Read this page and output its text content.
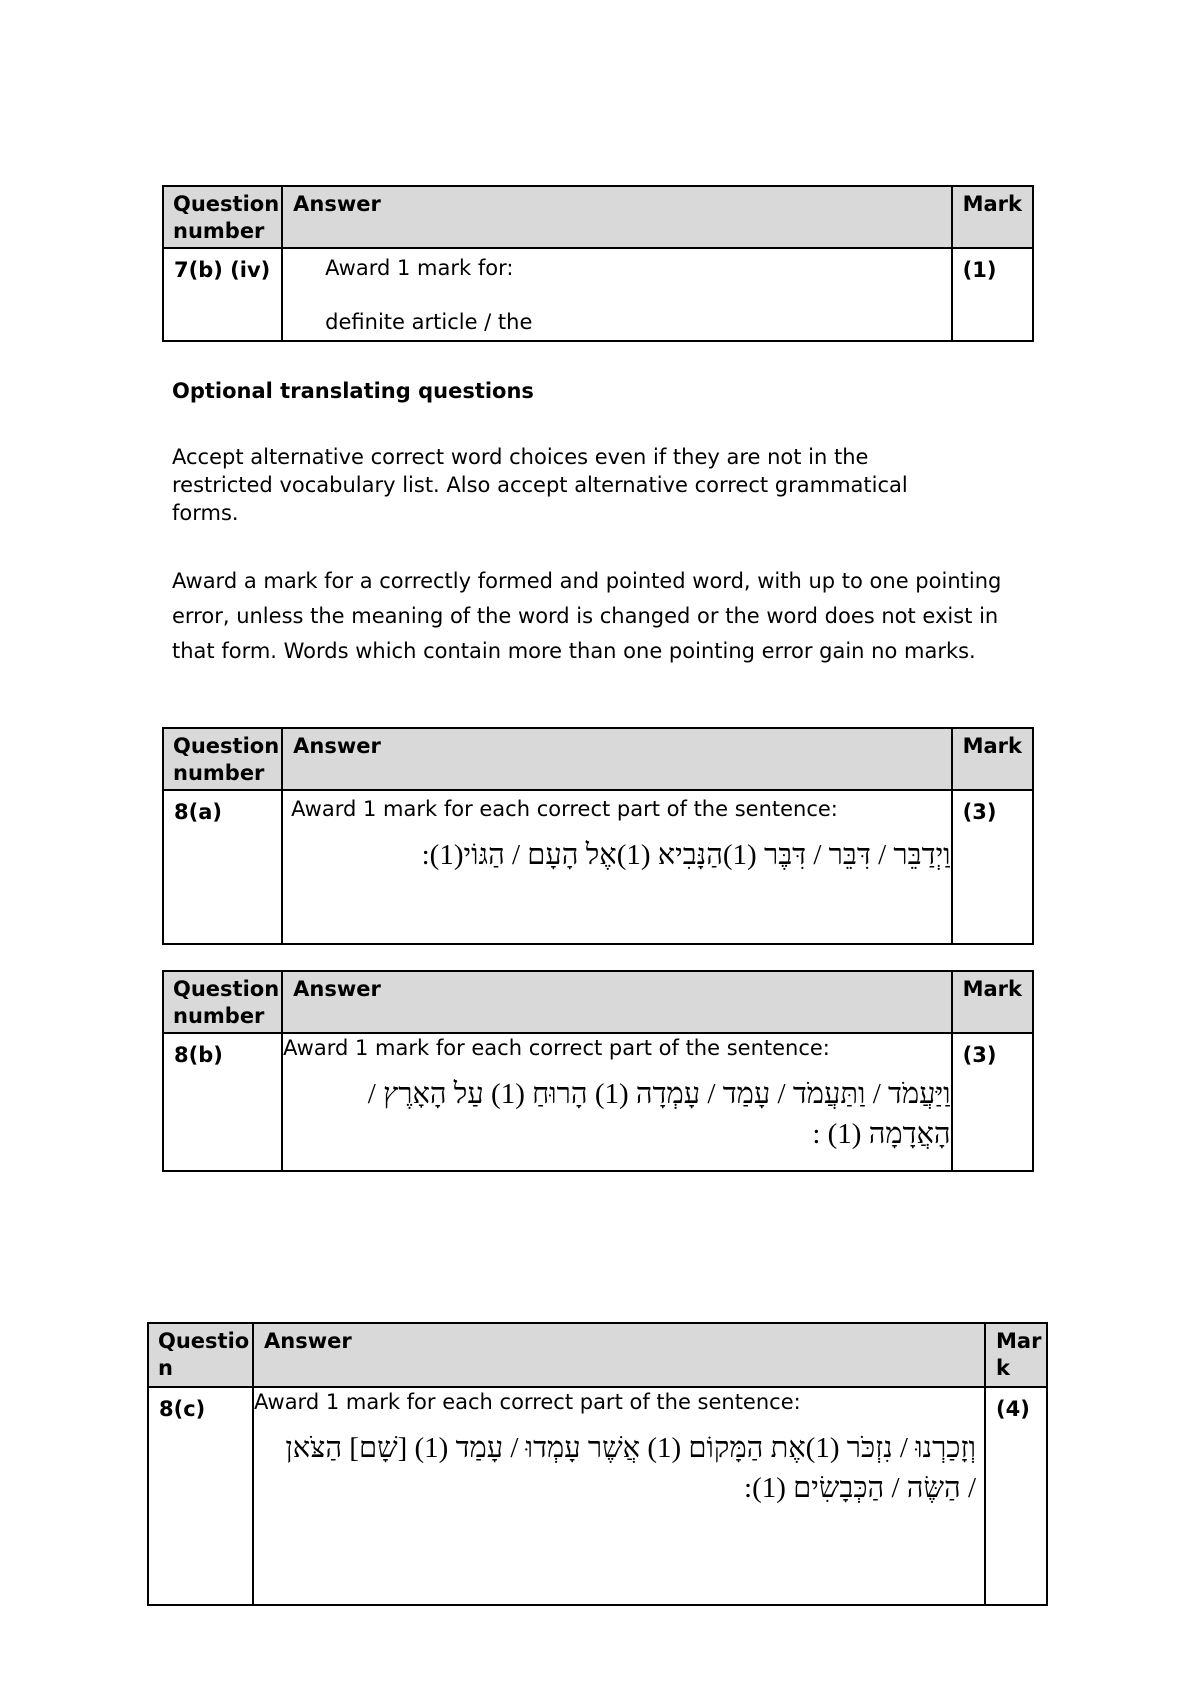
Question number	Answer	Mark
7(b) (iv)	Award 1 mark for:
definite article / the	(1)
Optional translating questions
Accept alternative correct word choices even if they are not in the restricted vocabulary list. Also accept alternative correct grammatical forms.
Award a mark for a correctly formed and pointed word, with up to one pointing error, unless the meaning of the word is changed or the word does not exist in that form. Words which contain more than one pointing error gain no marks.
Question number	Answer	Mark
8(a)	Award 1 mark for each correct part of the sentence:
וַיְדַבֵּר / דִּבֵּר / דִּבֶּר (1)הַנָּבִיא (1)אֶל הָעָם / הַגּוֹי(1):	(3)
Question number	Answer	Mark
8(b)	Award 1 mark for each correct part of the sentence:
וַיַּעֲמֹד / וַתַּעֲמֹד / עָמַד / עָמְדָה (1) הָרוּחַ (1) עַל הָאָרֶץ / הָאֲדָמָה (1) :	(3)
Questio n	Answer	Mar k
8(c)	Award 1 mark for each correct part of the sentence:
וְזָכַרְנוּ / נִזְכֹּר (1)אֶת הַמָּקוֹם (1) אֲשֶׁר עָמְדוּ / עָמַד (1) [שָׁם] הַצֹּאן / הַשֶּׂה / הַכְּבָשִׂים (1):	(4)
